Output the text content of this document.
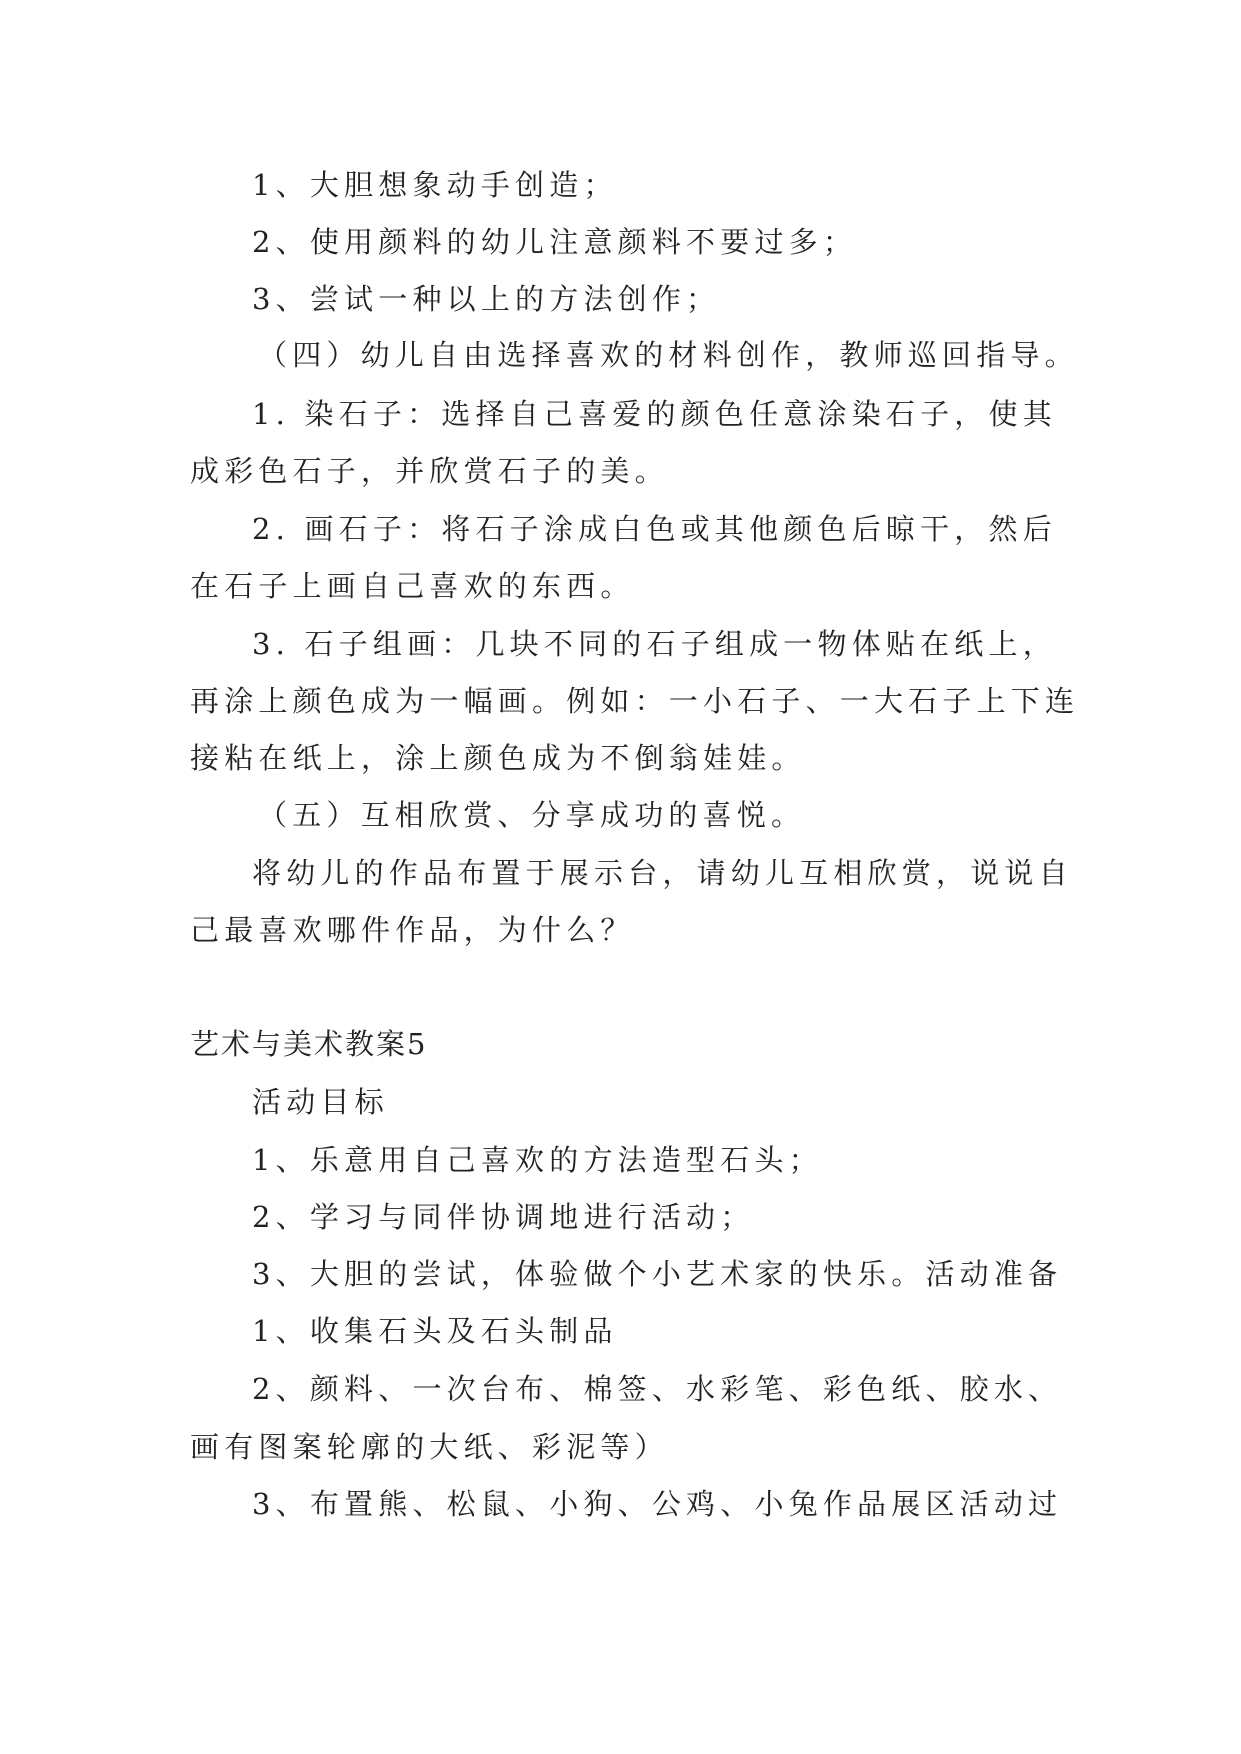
1、大胆想象动手创造；
2、使用颜料的幼儿注意颜料不要过多；
3、尝试一种以上的方法创作；
（四）幼儿自由选择喜欢的材料创作，教师巡回指导。
1. 染石子：选择自己喜爱的颜色任意涂染石子，使其
成彩色石子，并欣赏石子的美。
2. 画石子：将石子涂成白色或其他颜色后晾干，然后
在石子上画自己喜欢的东西。
3. 石子组画：几块不同的石子组成一物体贴在纸上，
再涂上颜色成为一幅画。例如：一小石子、一大石子上下连
接粘在纸上，涂上颜色成为不倒翁娃娃。
（五）互相欣赏、分享成功的喜悦。
将幼儿的作品布置于展示台，请幼儿互相欣赏，说说自
己最喜欢哪件作品，为什么？
艺术与美术教案5
活动目标
1、乐意用自己喜欢的方法造型石头；
2、学习与同伴协调地进行活动；
3、大胆的尝试，体验做个小艺术家的快乐。活动准备
1、收集石头及石头制品
2、颜料、一次台布、棉签、水彩笔、彩色纸、胶水、
画有图案轮廓的大纸、彩泥等）
3、布置熊、松鼠、小狗、公鸡、小兔作品展区活动过
